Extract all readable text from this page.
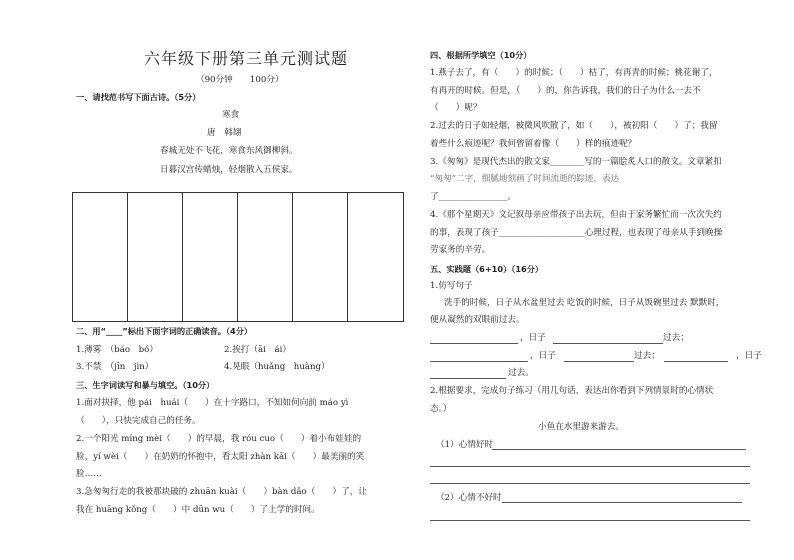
六年级下册第三单元测试题
（90分钟　　100分）
一、请找范书写下面古诗。（5分）
寒食
唐　韩翃
春城无处不飞花，寒食东风御柳斜。
日暮汉宫传蜡烛，轻烟散入五侯家。
二、用“____”标出下面字词的正确读音。（4分）
1.薄雾　（báo　bó）	2.挨打（āi　ái）
3.不禁　（jīn　jìn）	4.晃眼（huǎng　huàng）
三、生字词读写和暴与填空。（10分）
1.面对抉择，他 pái　huái（　　）在十字路口，不知如何向前 máo yì
（　　），只快完成自己的任务。
2.一个阳光 míng mèi（　　）的早晨，我 róu cuo（　　）着小布娃娃的
脸，yí wèi（　　）在奶奶的怀抱中，看太阳 zhàn kāi（　　）最美丽的笑
脸……
3.急匆匆行走的我被那块破的 zhuān kuài（　　）bàn dǎo（　　）了，让
我在 huāng kǒng（　　）中 dūn wu（　　）了上学的时间。
四、根据所学填空（10分）
1.燕子去了，有（　　）的时候；（　　）枯了，有再青的时候；桃花谢了，
有再开的时候。但是，（　　）的，你告诉我，我们的日子为什么一去不
（　　）呢？
2.过去的日子如轻烟，被微风吹散了，如（　　），被初阳（　　）了；我留
着些什么痕迹呢？我何曾留着像（　　）样的痕迹呢？
3.《匆匆》是现代杰出的散文家________写的一篇脍炙人口的散文。文章紧扣
“匆匆”二字，细腻地刻画了时间流逝的踪迹，表达
了________________。
4.《那个星期天》文记叙母亲应带孩子出去玩，但由于家务繁忙而一次次失约
的事，表现了孩子____________________心理过程，也表现了母亲从手到晚操
劳家务的辛劳。
五、实践题（6+10）（16分）
1.仿写句子
洗手的时候，日子从水盆里过去 吃饭的时候，日子从饭碗里过去 默默时，
便从凝然的双眼前过去。
，日子	过去；
，日子	过去；	，日子
过去。
2.根据要求，完成句子练习（用几句话，表达出你看到下列情景时的心情状
态。）
小鱼在水里游来游去。
（1）心情好时
（2）心情不好时
